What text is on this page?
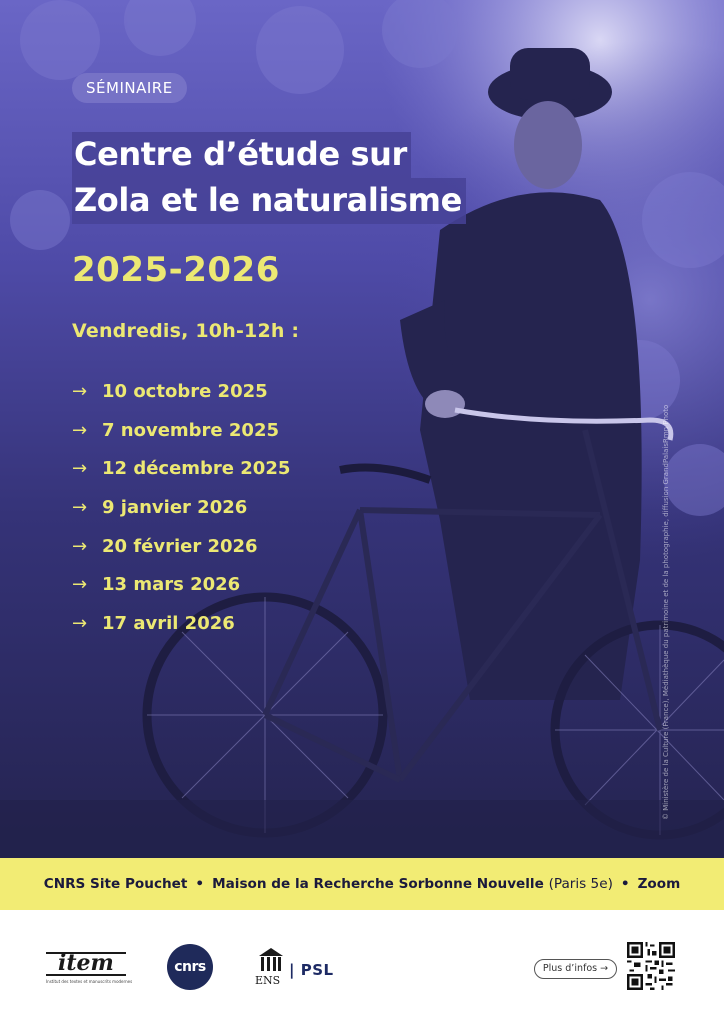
SÉMINAIRE
Centre d’étude sur
Zola et le naturalisme
2025-2026
Vendredis, 10h-12h :
→ 10 octobre 2025
→ 7 novembre 2025
→ 12 décembre 2025
→ 9 janvier 2026
→ 20 février 2026
→ 13 mars 2026
→ 17 avril 2026
CNRS Site Pouchet • Maison de la Recherche Sorbonne Nouvelle
(Paris 5e) • Zoom
item
Institut des textes et manuscrits modernes
cnrs
ENS
| PSL	Plus d’infos →
